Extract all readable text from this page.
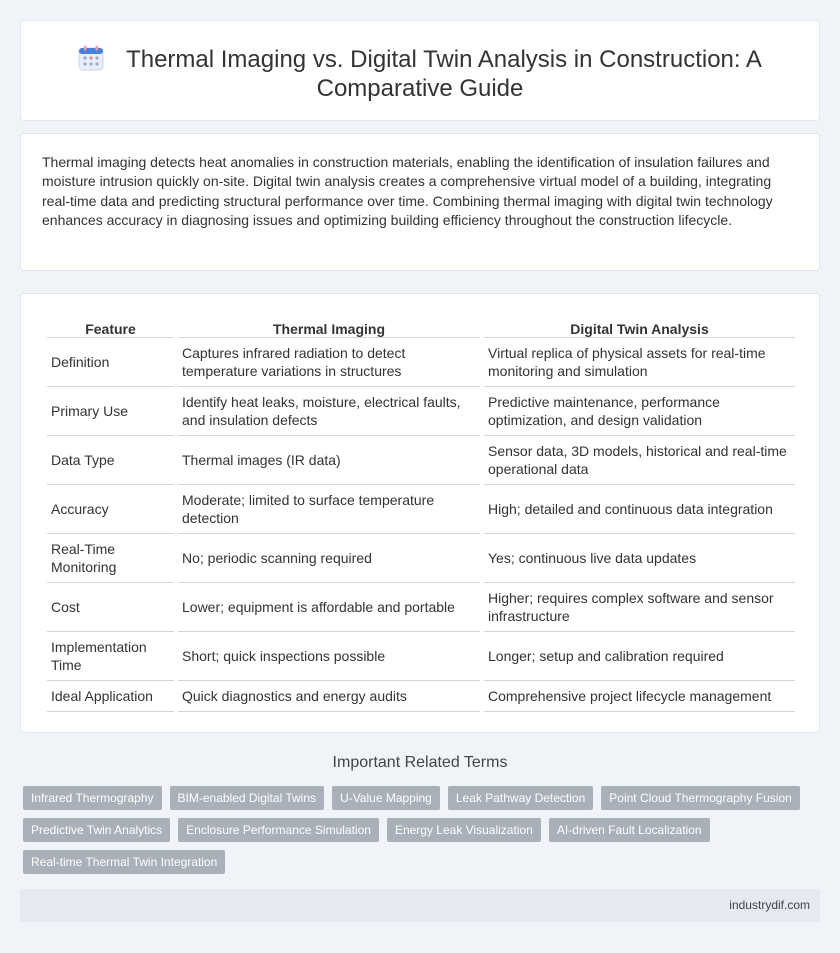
Thermal Imaging vs. Digital Twin Analysis in Construction: A
Comparative Guide

Thermal imaging detects heat anomalies in construction materials, enabling the identification of insulation failures and moisture intrusion quickly on-site. Digital twin analysis creates a comprehensive virtual model of a building, integrating real-time data and predicting structural performance over time. Combining thermal imaging with digital twin technology enhances accuracy in diagnosing issues and optimizing building efficiency throughout the construction lifecycle.

Feature	Thermal Imaging	Digital Twin Analysis
Definition	Captures infrared radiation to detect temperature variations in structures	Virtual replica of physical assets for real-time monitoring and simulation
Primary Use	Identify heat leaks, moisture, electrical faults, and insulation defects	Predictive maintenance, performance optimization, and design validation
Data Type	Thermal images (IR data)	Sensor data, 3D models, historical and real-time operational data
Accuracy	Moderate; limited to surface temperature detection	High; detailed and continuous data integration
Real-Time Monitoring	No; periodic scanning required	Yes; continuous live data updates
Cost	Lower; equipment is affordable and portable	Higher; requires complex software and sensor infrastructure
Implementation Time	Short; quick inspections possible	Longer; setup and calibration required
Ideal Application	Quick diagnostics and energy audits	Comprehensive project lifecycle management
Important Related Terms
Infrared Thermography	BIM-enabled Digital Twins	U-Value Mapping	Leak Pathway Detection	Point Cloud Thermography Fusion
Predictive Twin Analytics	Enclosure Performance Simulation	Energy Leak Visualization	AI-driven Fault Localization
Real-time Thermal Twin Integration
industrydif.com
